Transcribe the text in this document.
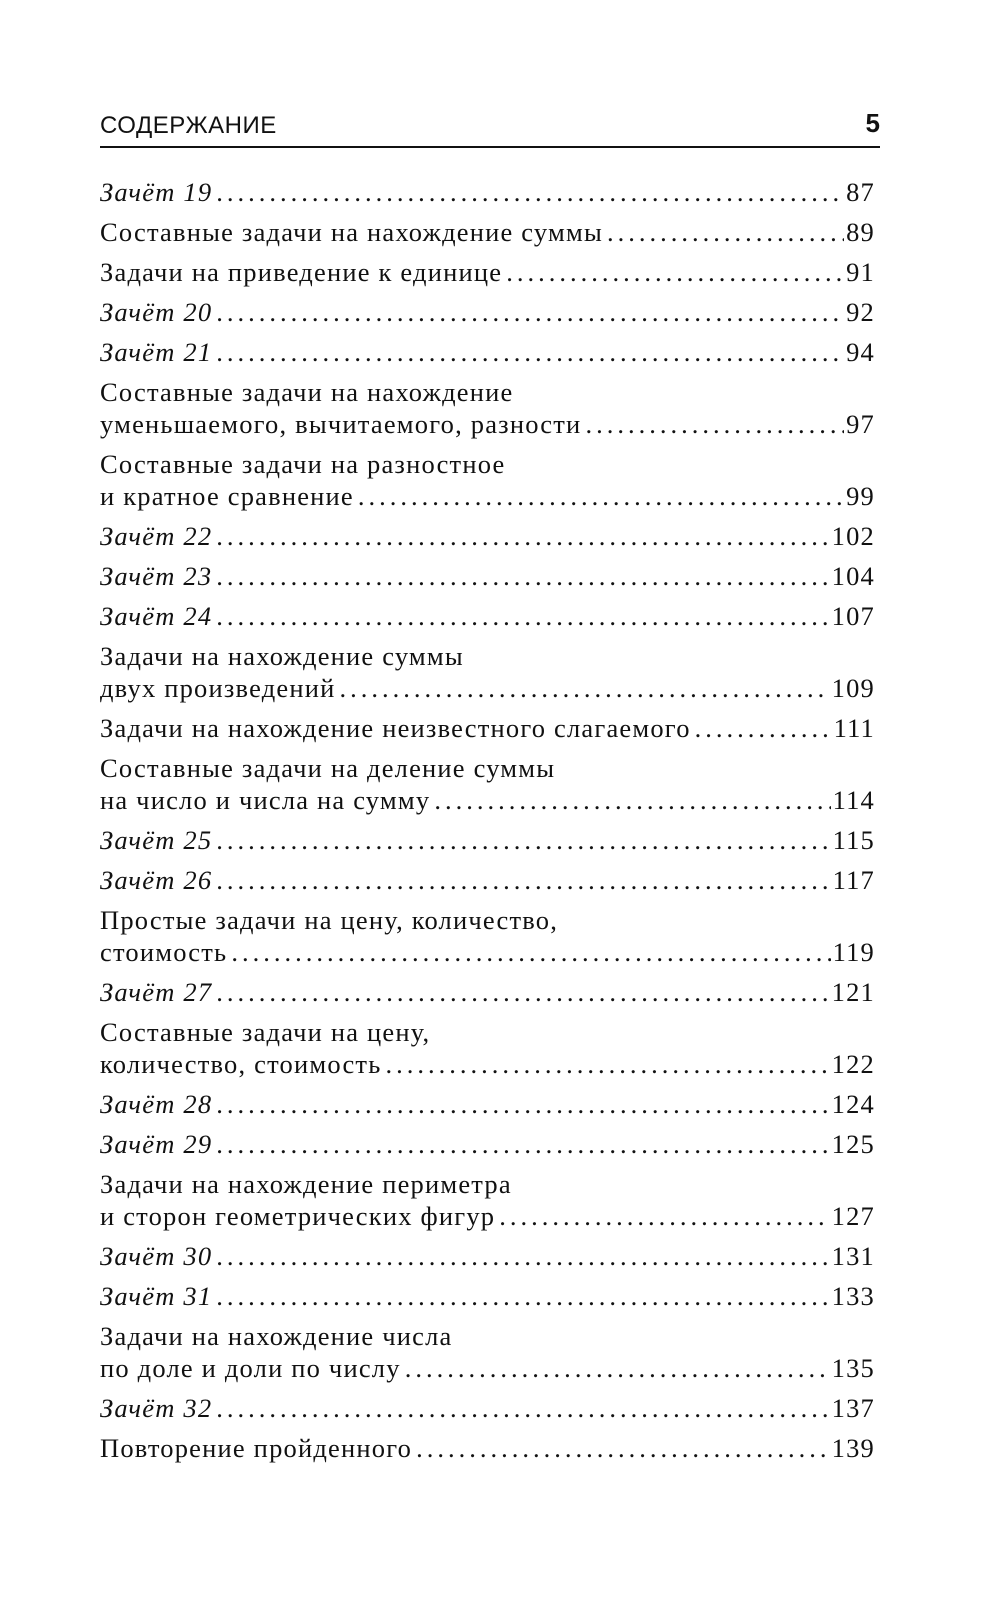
СОДЕРЖАНИЕ	5
Зачёт 19 .....	87
Составные задачи на нахождение суммы .....	89
Задачи на приведение к единице .....	91
Зачёт 20 .....	92
Зачёт 21 .....	94
Составные задачи на нахождение
уменьшаемого, вычитаемого, разности .....	97
Составные задачи на разностное
и кратное сравнение .....	99
Зачёт 22 .....	102
Зачёт 23 .....	104
Зачёт 24 .....	107
Задачи на нахождение суммы
двух произведений .....	109
Задачи на нахождение неизвестного слагаемого .....	111
Составные задачи на деление суммы
на число и числа на сумму .....	114
Зачёт 25 .....	115
Зачёт 26 .....	117
Простые задачи на цену, количество,
стоимость .....	119
Зачёт 27 .....	121
Составные задачи на цену,
количество, стоимость .....	122
Зачёт 28 .....	124
Зачёт 29 .....	125
Задачи на нахождение периметра
и сторон геометрических фигур .....	127
Зачёт 30 .....	131
Зачёт 31 .....	133
Задачи на нахождение числа
по доле и доли по числу .....	135
Зачёт 32 .....	137
Повторение пройденного .....	139
